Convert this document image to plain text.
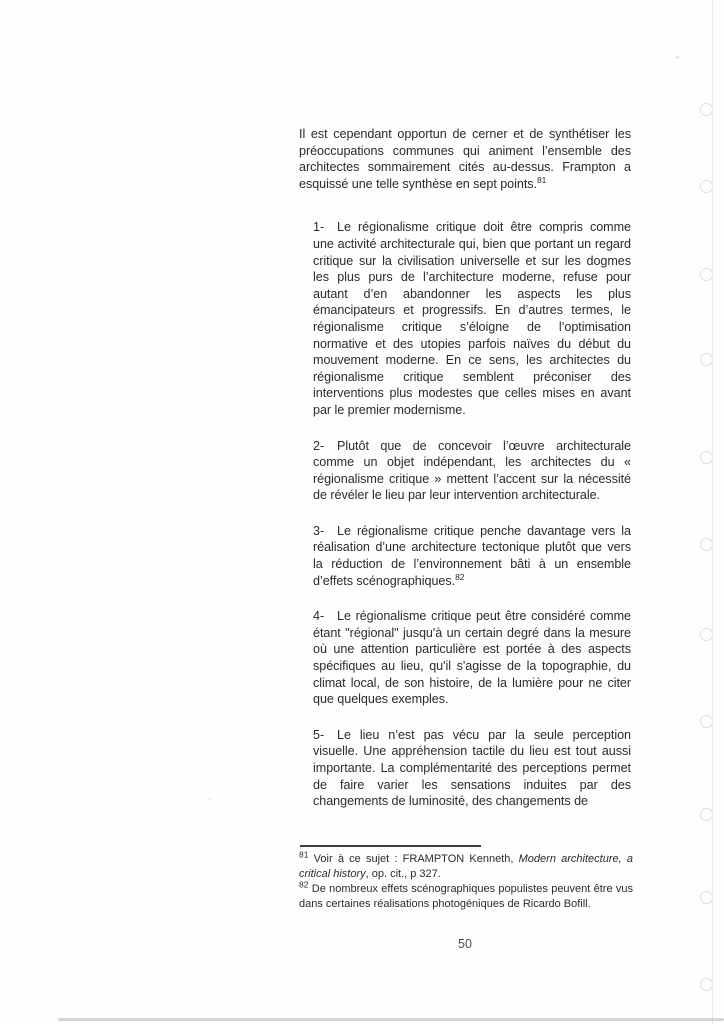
Il est cependant opportun de cerner et de synthétiser les préoccupations communes qui animent l’ensemble des architectes sommairement cités au-dessus. Frampton a esquissé une telle synthèse en sept points.$^{81}$

1- Le régionalisme critique doit être compris comme une activité architecturale qui, bien que portant un regard critique sur la civilisation universelle et sur les dogmes les plus purs de l’architecture moderne, refuse pour autant d’en abandonner les aspects les plus émancipateurs et progressifs. En d’autres termes, le régionalisme critique s’éloigne de l’optimisation normative et des utopies parfois naïves du début du mouvement moderne. En ce sens, les architectes du régionalisme critique semblent préconiser des interventions plus modestes que celles mises en avant par le premier modernisme.

2- Plutôt que de concevoir l’œuvre architecturale comme un objet indépendant, les architectes du « régionalisme critique » mettent l’accent sur la nécessité de révéler le lieu par leur intervention architecturale.

3- Le régionalisme critique penche davantage vers la réalisation d’une architecture tectonique plutôt que vers la réduction de l’environnement bâti à un ensemble d’effets scénographiques.$^{82}$

4- Le régionalisme critique peut être considéré comme étant "régional" jusqu'à un certain degré dans la mesure où une attention particulière est portée à des aspects spécifiques au lieu, qu'il s'agisse de la topographie, du climat local, de son histoire, de la lumière pour ne citer que quelques exemples.

5- Le lieu n’est pas vécu par la seule perception visuelle. Une appréhension tactile du lieu est tout aussi importante. La complémentarité des perceptions permet de faire varier les sensations induites par des changements de luminosité, des changements de

$^{81}$ Voir à ce sujet : FRAMPTON Kenneth, Modern architecture, a critical history, op. cit., p 327.

$^{82}$ De nombreux effets scénographiques populistes peuvent être vus dans certaines réalisations photogéniques de Ricardo Bofill.

50
